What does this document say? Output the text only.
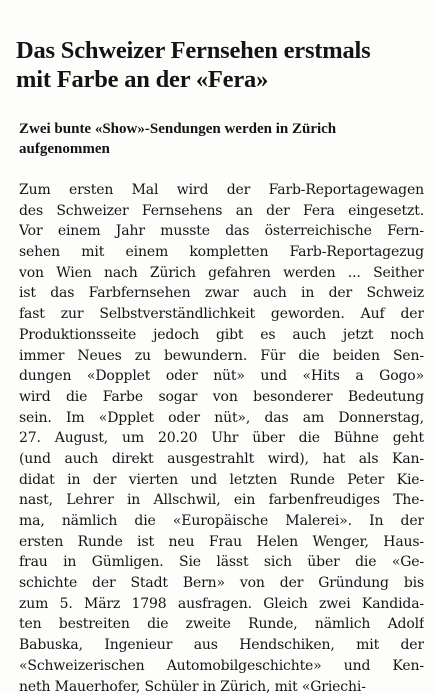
Das Schweizer Fernsehen erstmals
mit Farbe an der «Fera»
Zwei bunte «Show»-Sendungen werden in Zürich
aufgenommen
Zum ersten Mal wird der Farb-Reportagewagen
des Schweizer Fernsehens an der Fera eingesetzt.
Vor einem Jahr musste das österreichische Fern-
sehen mit einem kompletten Farb-Reportagezug
von Wien nach Zürich gefahren werden ... Seither
ist das Farbfernsehen zwar auch in der Schweiz
fast zur Selbstverständlichkeit geworden. Auf der
Produktionsseite jedoch gibt es auch jetzt noch
immer Neues zu bewundern. Für die beiden Sen-
dungen «Dopplet oder nüt» und «Hits a Gogo»
wird die Farbe sogar von besonderer Bedeutung
sein. Im «Dpplet oder nüt», das am Donnerstag,
27. August, um 20.20 Uhr über die Bühne geht
(und auch direkt ausgestrahlt wird), hat als Kan-
didat in der vierten und letzten Runde Peter Kie-
nast, Lehrer in Allschwil, ein farbenfreudiges The-
ma, nämlich die «Europäische Malerei». In der
ersten Runde ist neu Frau Helen Wenger, Haus-
frau in Gümligen. Sie lässt sich über die «Ge-
schichte der Stadt Bern» von der Gründung bis
zum 5. März 1798 ausfragen. Gleich zwei Kandida-
ten bestreiten die zweite Runde, nämlich Adolf
Babuska, Ingenieur aus Hendschiken, mit der
«Schweizerischen Automobilgeschichte» und Ken-
neth Mauerhofer, Schüler in Zürich, mit «Griechi-
